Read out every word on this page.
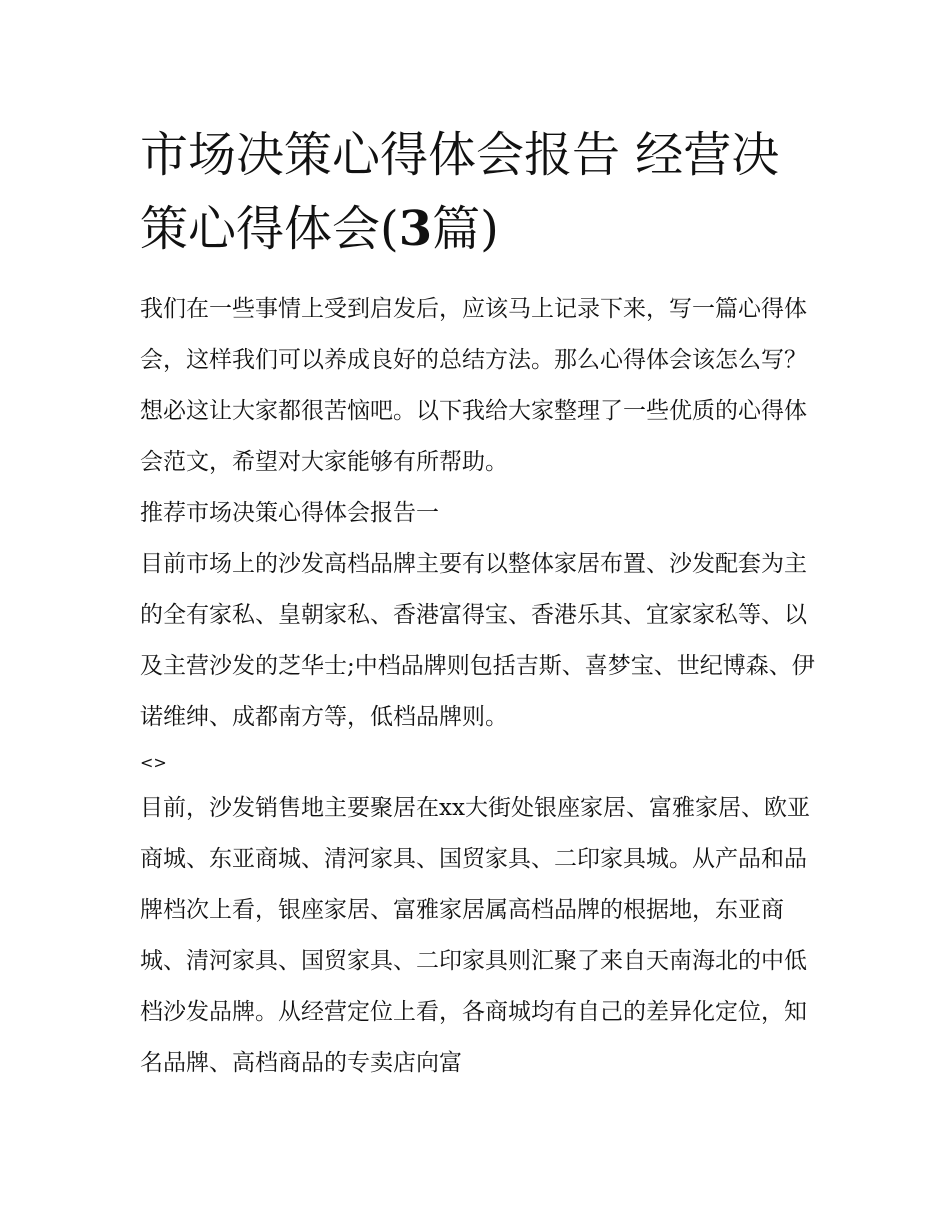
市场决策心得体会报告 经营决策心得体会(3篇)

我们在一些事情上受到启发后，应该马上记录下来，写一篇心得体会，这样我们可以养成良好的总结方法。那么心得体会该怎么写？想必这让大家都很苦恼吧。以下我给大家整理了一些优质的心得体会范文，希望对大家能够有所帮助。

推荐市场决策心得体会报告一

目前市场上的沙发高档品牌主要有以整体家居布置、沙发配套为主的全有家私、皇朝家私、香港富得宝、香港乐其、宜家家私等、以及主营沙发的芝华士;中档品牌则包括吉斯、喜梦宝、世纪博森、伊诺维绅、成都南方等，低档品牌则。

<>

目前，沙发销售地主要聚居在xx大街处银座家居、富雅家居、欧亚商城、东亚商城、清河家具、国贸家具、二印家具城。从产品和品牌档次上看，银座家居、富雅家居属高档品牌的根据地，东亚商城、清河家具、国贸家具、二印家具则汇聚了来自天南海北的中低档沙发品牌。从经营定位上看，各商城均有自己的差异化定位，知名品牌、高档商品的专卖店向富
